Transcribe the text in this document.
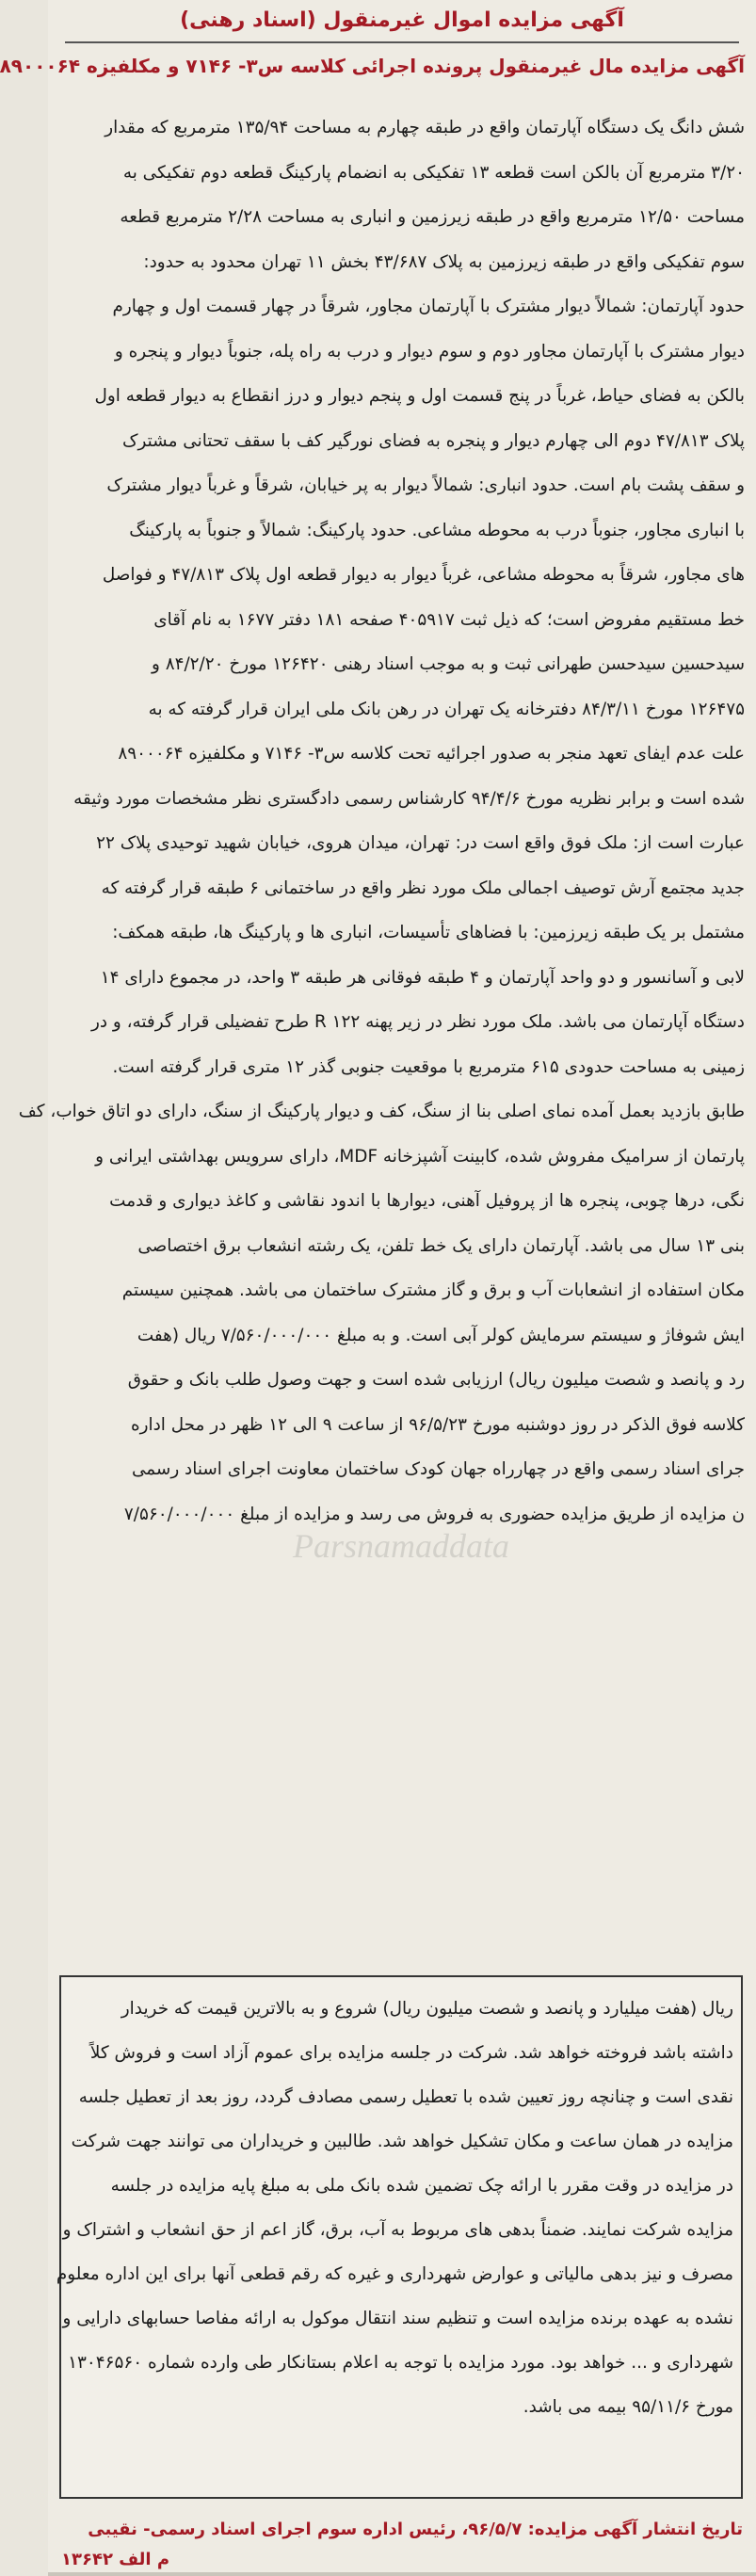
آگهی مزایده اموال غیرمنقول (اسناد رهنی)
آگهی مزایده مال غیرمنقول پرونده اجرائی کلاسه س۳- ۷۱۴۶ و مکلفیزه ۸۹۰۰۰۶۴
شش دانگ یک دستگاه آپارتمان واقع در طبقه چهارم به مساحت ۱۳۵/۹۴ مترمربع که مقدار
۳/۲۰ مترمربع آن بالکن است قطعه ۱۳ تفکیکی به انضمام پارکینگ قطعه دوم تفکیکی به
مساحت ۱۲/۵۰ مترمربع واقع در طبقه زیرزمین و انباری به مساحت ۲/۲۸ مترمربع قطعه
سوم تفکیکی واقع در طبقه زیرزمین به پلاک ۴۳/۶۸۷ بخش ۱۱ تهران محدود به حدود:
حدود آپارتمان: شمالاً دیوار مشترک با آپارتمان مجاور، شرقاً در چهار قسمت اول و چهارم
دیوار مشترک با آپارتمان مجاور دوم و سوم دیوار و درب به راه پله، جنوباً دیوار و پنجره و
بالکن به فضای حیاط، غرباً در پنج قسمت اول و پنجم دیوار و درز انقطاع به دیوار قطعه اول
پلاک ۴۷/۸۱۳ دوم الی چهارم دیوار و پنجره به فضای نورگیر کف با سقف تحتانی مشترک
و سقف پشت بام است. حدود انباری: شمالاً دیوار به پر خیابان، شرقاً و غرباً دیوار مشترک
با انباری مجاور، جنوباً درب به محوطه مشاعی. حدود پارکینگ: شمالاً و جنوباً به پارکینگ
های مجاور، شرقاً به محوطه مشاعی، غرباً دیوار به دیوار قطعه اول پلاک ۴۷/۸۱۳ و فواصل
خط مستقیم مفروض است؛ که ذیل ثبت ۴۰۵۹۱۷ صفحه ۱۸۱ دفتر ۱۶۷۷ به نام آقای
سیدحسین سیدحسن طهرانی ثبت و به موجب اسناد رهنی ۱۲۶۴۲۰ مورخ ۸۴/۲/۲۰ و
۱۲۶۴۷۵ مورخ ۸۴/۳/۱۱ دفترخانه یک تهران در رهن بانک ملی ایران قرار گرفته که به
علت عدم ایفای تعهد منجر به صدور اجرائیه تحت کلاسه س۳- ۷۱۴۶ و مکلفیزه ۸۹۰۰۰۶۴
شده است و برابر نظریه مورخ ۹۴/۴/۶ کارشناس رسمی دادگستری نظر مشخصات مورد وثیقه
عبارت است از: ملک فوق واقع است در: تهران، میدان هروی، خیابان شهید توحیدی پلاک ۲۲
جدید مجتمع آرش توصیف اجمالی ملک مورد نظر واقع در ساختمانی ۶ طبقه قرار گرفته که
مشتمل بر یک طبقه زیرزمین: با فضاهای تأسیسات، انباری ها و پارکینگ ها، طبقه همکف:
لابی و آسانسور و دو واحد آپارتمان و ۴ طبقه فوقانی هر طبقه ۳ واحد، در مجموع دارای ۱۴
دستگاه آپارتمان می باشد. ملک مورد نظر در زیر پهنه ۱۲۲ R طرح تفضیلی قرار گرفته، و در
زمینی به مساحت حدودی ۶۱۵ مترمربع با موقعیت جنوبی گذر ۱۲ متری قرار گرفته است.
طابق بازدید بعمل آمده نمای اصلی بنا از سنگ، کف و دیوار پارکینگ از سنگ، دارای دو اتاق خواب، کف
پارتمان از سرامیک مفروش شده، کابینت آشپزخانه MDF، دارای سرویس بهداشتی ایرانی و
نگی، درها چوبی، پنجره ها از پروفیل آهنی، دیوارها با اندود نقاشی و کاغذ دیواری و قدمت
بنی ۱۳ سال می باشد. آپارتمان دارای یک خط تلفن، یک رشته انشعاب برق اختصاصی
مکان استفاده از انشعابات آب و برق و گاز مشترک ساختمان می باشد. همچنین سیستم
ایش شوفاژ و سیستم سرمایش کولر آبی است. و به مبلغ ۷/۵۶۰/۰۰۰/۰۰۰ ریال (هفت
رد و پانصد و شصت میلیون ریال) ارزیابی شده است و جهت وصول طلب بانک و حقوق
کلاسه فوق الذکر در روز دوشنبه مورخ ۹۶/۵/۲۳ از ساعت ۹ الی ۱۲ ظهر در محل اداره
جرای اسناد رسمی واقع در چهارراه جهان کودک ساختمان معاونت اجرای اسناد رسمی
ن مزایده از طریق مزایده حضوری به فروش می رسد و مزایده از مبلغ ۷/۵۶۰/۰۰۰/۰۰۰
Parsnamaddata
ریال (هفت میلیارد و پانصد و شصت میلیون ریال) شروع و به بالاترین قیمت که خریدار
داشته باشد فروخته خواهد شد. شرکت در جلسه مزایده برای عموم آزاد است و فروش کلاً
نقدی است و چنانچه روز تعیین شده با تعطیل رسمی مصادف گردد، روز بعد از تعطیل جلسه
مزایده در همان ساعت و مکان تشکیل خواهد شد. طالبین و خریداران می توانند جهت شرکت
در مزایده در وقت مقرر با ارائه چک تضمین شده بانک ملی به مبلغ پایه مزایده در جلسه
مزایده شرکت نمایند. ضمناً بدهی های مربوط به آب، برق، گاز اعم از حق انشعاب و اشتراک و
مصرف و نیز بدهی مالیاتی و عوارض شهرداری و غیره که رقم قطعی آنها برای این اداره معلوم
نشده به عهده برنده مزایده است و تنظیم سند انتقال موکول به ارائه مفاصا حسابهای دارایی و
شهرداری و ... خواهد بود. مورد مزایده با توجه به اعلام بستانکار طی وارده شماره ۱۳۰۴۶۵۶۰
مورخ ۹۵/۱۱/۶ بیمه می باشد.
تاریخ انتشار آگهی مزایده: ۹۶/۵/۷، رئیس اداره سوم اجرای اسناد رسمی- نقیبی
م الف ۱۳۶۴۲
